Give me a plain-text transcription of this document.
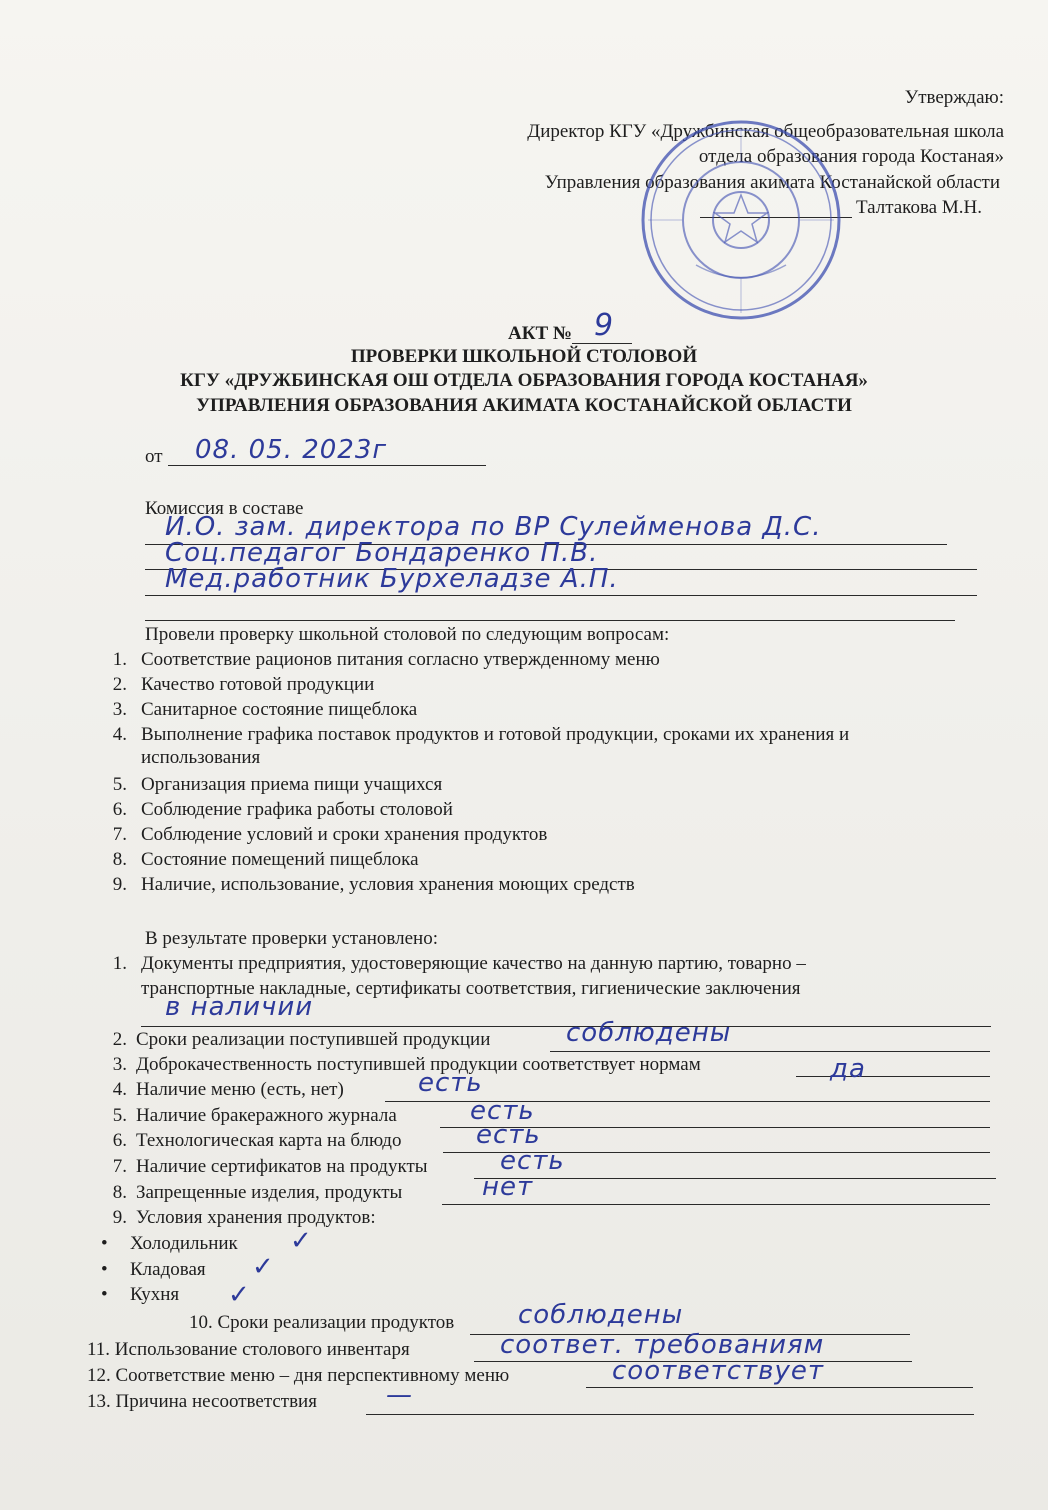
Утверждаю:
Директор КГУ «Дружбинская общеобразовательная школа
отдела образования города Костаная»
Управления образования акимата Костанайской области
Талтакова М.Н.
АКТ № 9
ПРОВЕРКИ ШКОЛЬНОЙ СТОЛОВОЙ
КГУ «ДРУЖБИНСКАЯ ОШ ОТДЕЛА ОБРАЗОВАНИЯ ГОРОДА КОСТАНАЯ»
УПРАВЛЕНИЯ ОБРАЗОВАНИЯ АКИМАТА КОСТАНАЙСКОЙ ОБЛАСТИ
от 08. 05. 2023г
Комиссия в составе
И.О. зам. директора по ВР Сулейменова Д.С.
Соц.педагог Бондаренко П.В.
Мед.работник Бурхеладзе А.П.
Провели проверку школьной столовой по следующим вопросам:
1. Соответствие рационов питания согласно утвержденному меню
2. Качество готовой продукции
3. Санитарное состояние пищеблока
4. Выполнение графика поставок продуктов и готовой продукции, сроками их хранения и
использования
5. Организация приема пищи учащихся
6. Соблюдение графика работы столовой
7. Соблюдение условий и сроки хранения продуктов
8. Состояние помещений пищеблока
9. Наличие, использование, условия хранения моющих средств
В результате проверки установлено:
1. Документы предприятия, удостоверяющие качество на данную партию, товарно –
транспортные накладные, сертификаты соответствия, гигиенические заключения
в наличии
2. Сроки реализации поступившей продукции	соблюдены
3. Доброкачественность поступившей продукции соответствует нормам	да
4. Наличие меню (есть, нет)	есть
5. Наличие бракеражного журнала	есть
6. Технологическая карта на блюдо	есть
7. Наличие сертификатов на продукты	есть
8. Запрещенные изделия, продукты	нет
9. Условия хранения продуктов:
• Холодильник ✓
• Кладовая ✓
• Кухня ✓
10. Сроки реализации продуктов соблюдены
11. Использование столового инвентаря	соответ. требованиям
12. Соответствие меню – дня перспективному меню	соответствует
13. Причина несоответствия	—
